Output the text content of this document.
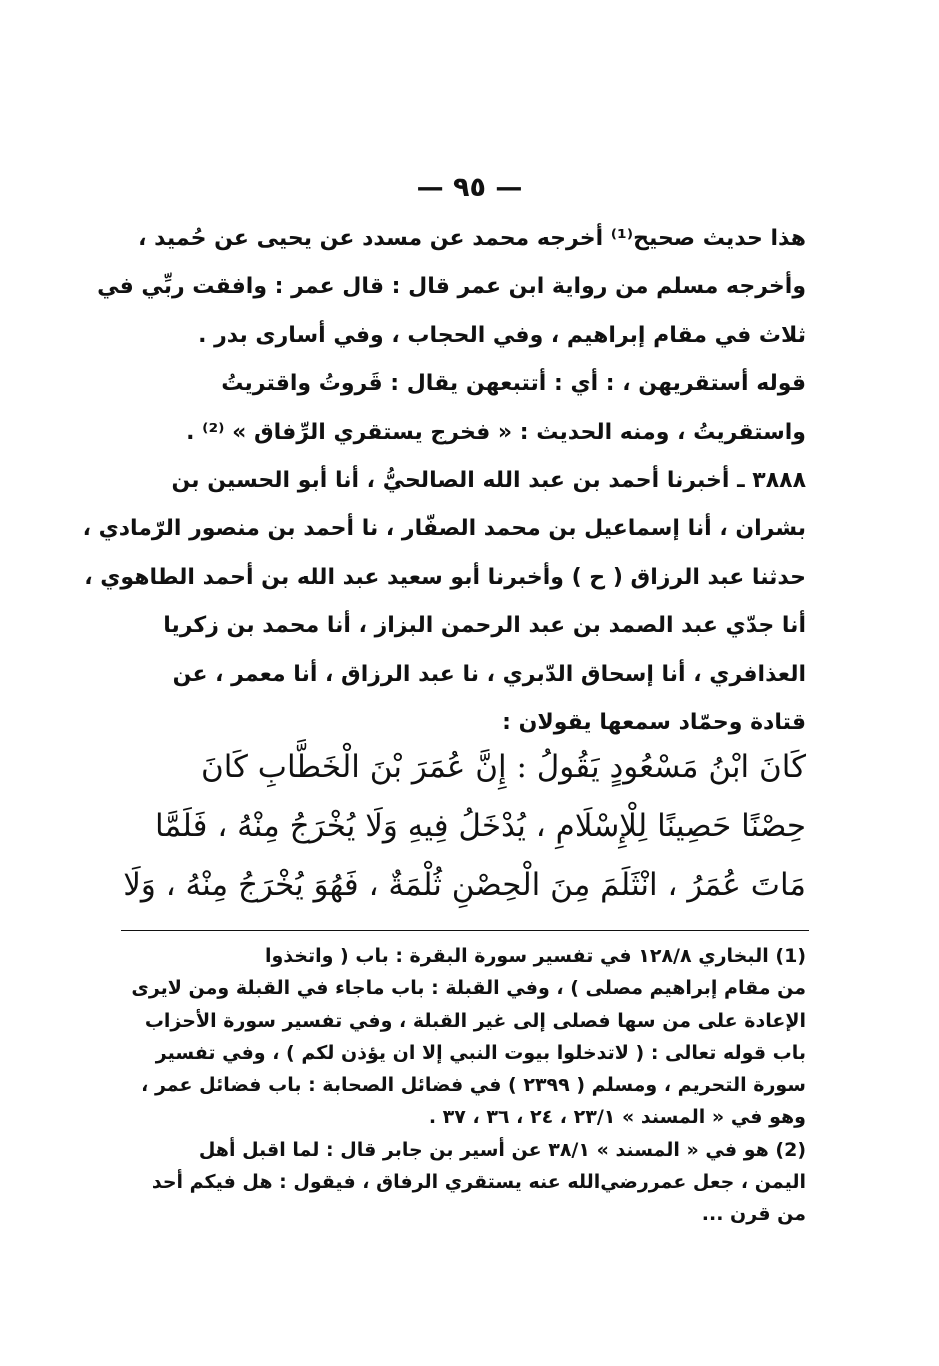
— ٩٥ —
هذا حديث صحيح⁽¹⁾ أخرجه محمد عن مسدد عن يحيى عن حُميد ،
وأخرجه مسلم من رواية ابن عمر قال : قال عمر : وافقت ربِّي في
ثلاث في مقام إبراهيم ، وفي الحجاب ، وفي أسارى بدر .
قوله أستقريهن ، : أي : أتتبعهن يقال : قَروتُ واقتريتُ
واستقريتُ ، ومنه الحديث : « فخرج يستقري الرِّفاق » ⁽²⁾ .
٣٨٨٨ ـ أخبرنا أحمد بن عبد الله الصالحيُّ ، أنا أبو الحسين بن
بشران ، أنا إسماعيل بن محمد الصفّار ، نا أحمد بن منصور الرّمادي ،
حدثنا عبد الرزاق ( ح ) وأخبرنا أبو سعيد عبد الله بن أحمد الطاهوي ،
أنا جدّي عبد الصمد بن عبد الرحمن البزاز ، أنا محمد بن زكريا
العذافري ، أنا إسحاق الدّبري ، نا عبد الرزاق ، أنا معمر ، عن
قتادة وحمّاد سمعها يقولان :
كَانَ ابْنُ مَسْعُودٍ يَقُولُ : إِنَّ عُمَرَ بْنَ الْخَطَّابِ كَانَ
حِصْنًا حَصِينًا لِلْإِسْلَامِ ، يُدْخَلُ فِيهِ وَلَا يُخْرَجُ مِنْهُ ، فَلَمَّا
مَاتَ عُمَرُ ، انْثَلَمَ مِنَ الْحِصْنِ ثُلْمَةٌ ، فَهُوَ يُخْرَجُ مِنْهُ ، وَلَا
(1) البخاري ١٢٨/٨ في تفسير سورة البقرة : باب ( واتخذوا
من مقام إبراهيم مصلى ) ، وفي القبلة : باب ماجاء في القبلة ومن لايرى
الإعادة على من سها فصلى إلى غير القبلة ، وفي تفسير سورة الأحزاب
باب قوله تعالى : ( لاتدخلوا بيوت النبي إلا ان يؤذن لكم ) ، وفي تفسير
سورة التحريم ، ومسلم ( ٢٣٩٩ ) في فضائل الصحابة : باب فضائل عمر ،
وهو في « المسند » ٢٣/١ ، ٢٤ ، ٣٦ ، ٣٧ .
(2) هو في « المسند » ٣٨/١ عن أسير بن جابر قال : لما اقبل أهل
اليمن ، جعل عمررضي‌الله عنه يستقري الرفاق ، فيقول : هل فيكم أحد
من قرن ...
